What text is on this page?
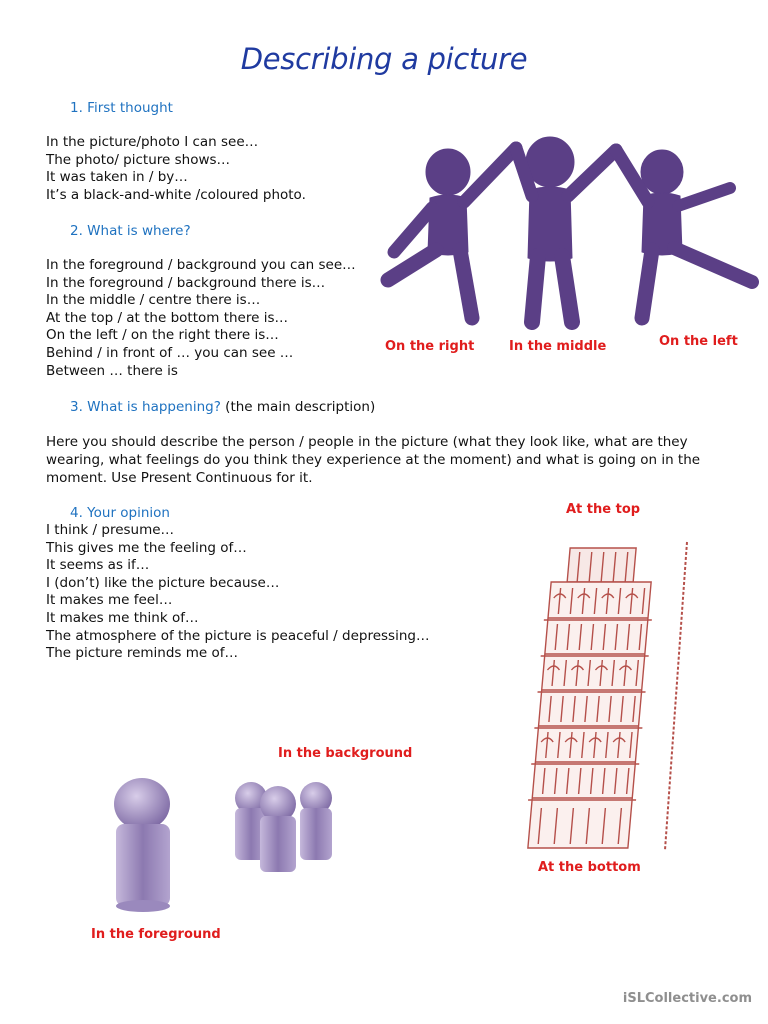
Describing a picture
1. First thought
In the picture/photo I can see…
The photo/ picture shows…
It was taken in / by…
It’s a black-and-white /coloured photo.
2. What is where?
In the foreground / background you can see…
In the foreground / background there is…
In the middle / centre there is…
At the top / at the bottom there is…
On the left / on the right there is…
Behind / in front of … you can see …
Between … there is
3. What is happening? (the main description)
Here you should describe the person / people in the picture (what they look like, what are they wearing, what feelings do you think they experience at the moment) and what is going on in the moment. Use Present Continuous for it.
4. Your opinion
I think / presume…
This gives me the feeling of…
It seems as if…
I (don’t) like the picture because…
It makes me feel…
It makes me think of…
The atmosphere of the picture is peaceful / depressing…
The picture reminds me of…
On the right	In the middle	On the left
At the top
At the bottom
In the background
In the foreground
iSLCollective.com
